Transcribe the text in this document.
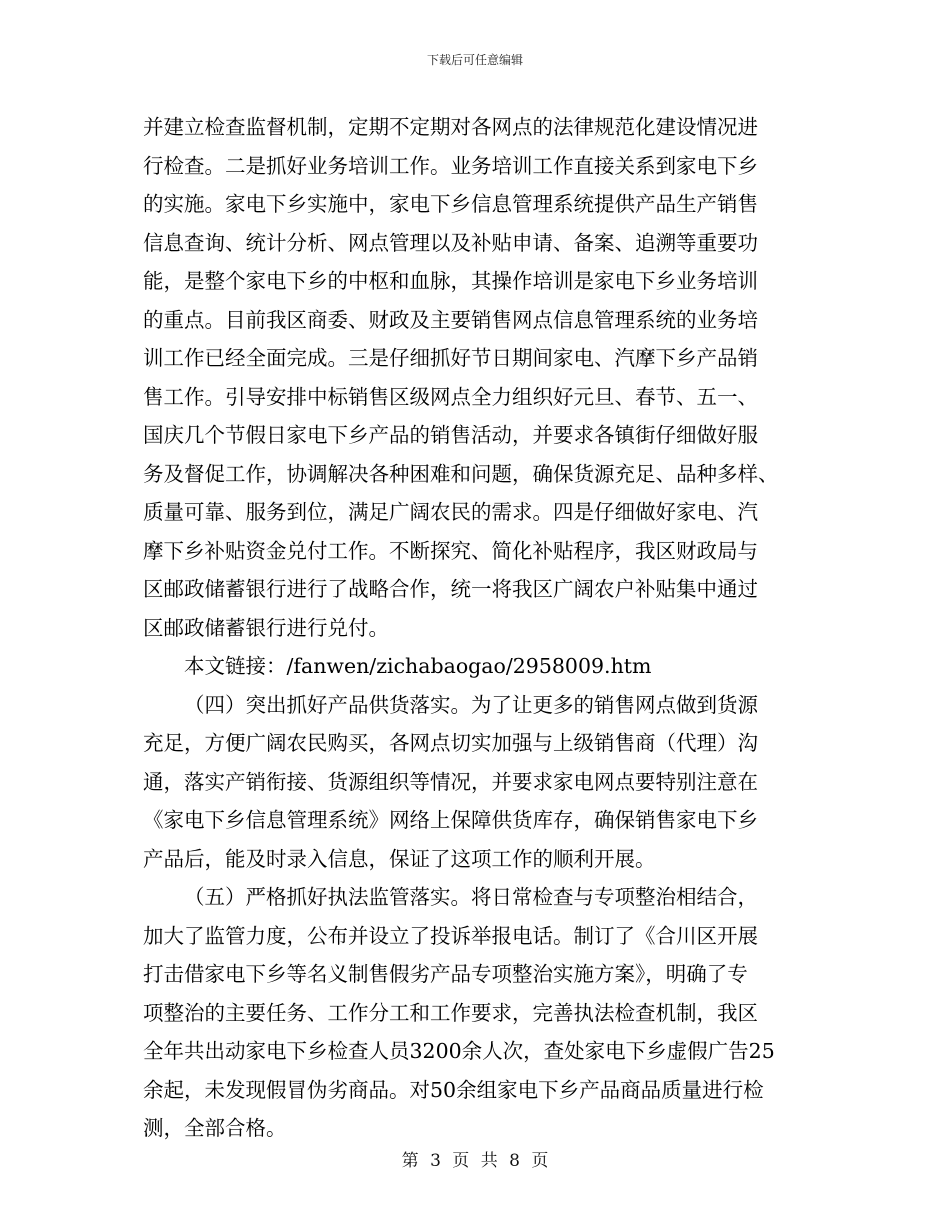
下载后可任意编辑
并建立检查监督机制，定期不定期对各网点的法律规范化建设情况进
行检查。二是抓好业务培训工作。业务培训工作直接关系到家电下乡
的实施。家电下乡实施中，家电下乡信息管理系统提供产品生产销售
信息查询、统计分析、网点管理以及补贴申请、备案、追溯等重要功
能，是整个家电下乡的中枢和血脉，其操作培训是家电下乡业务培训
的重点。目前我区商委、财政及主要销售网点信息管理系统的业务培
训工作已经全面完成。三是仔细抓好节日期间家电、汽摩下乡产品销
售工作。引导安排中标销售区级网点全力组织好元旦、春节、五一、
国庆几个节假日家电下乡产品的销售活动，并要求各镇街仔细做好服
务及督促工作，协调解决各种困难和问题，确保货源充足、品种多样、
质量可靠、服务到位，满足广阔农民的需求。四是仔细做好家电、汽
摩下乡补贴资金兑付工作。不断探究、简化补贴程序，我区财政局与
区邮政储蓄银行进行了战略合作，统一将我区广阔农户补贴集中通过
区邮政储蓄银行进行兑付。
本文链接：/fanwen/zichabaogao/2958009.htm
（四）突出抓好产品供货落实。为了让更多的销售网点做到货源
充足，方便广阔农民购买，各网点切实加强与上级销售商（代理）沟
通，落实产销衔接、货源组织等情况，并要求家电网点要特别注意在
《家电下乡信息管理系统》网络上保障供货库存，确保销售家电下乡
产品后，能及时录入信息，保证了这项工作的顺利开展。
（五）严格抓好执法监管落实。将日常检查与专项整治相结合，
加大了监管力度，公布并设立了投诉举报电话。制订了《合川区开展
打击借家电下乡等名义制售假劣产品专项整治实施方案》，明确了专
项整治的主要任务、工作分工和工作要求，完善执法检查机制，我区
全年共出动家电下乡检查人员3200余人次，查处家电下乡虚假广告25
余起，未发现假冒伪劣商品。对50余组家电下乡产品商品质量进行检
测，全部合格。
第 3 页 共 8 页
